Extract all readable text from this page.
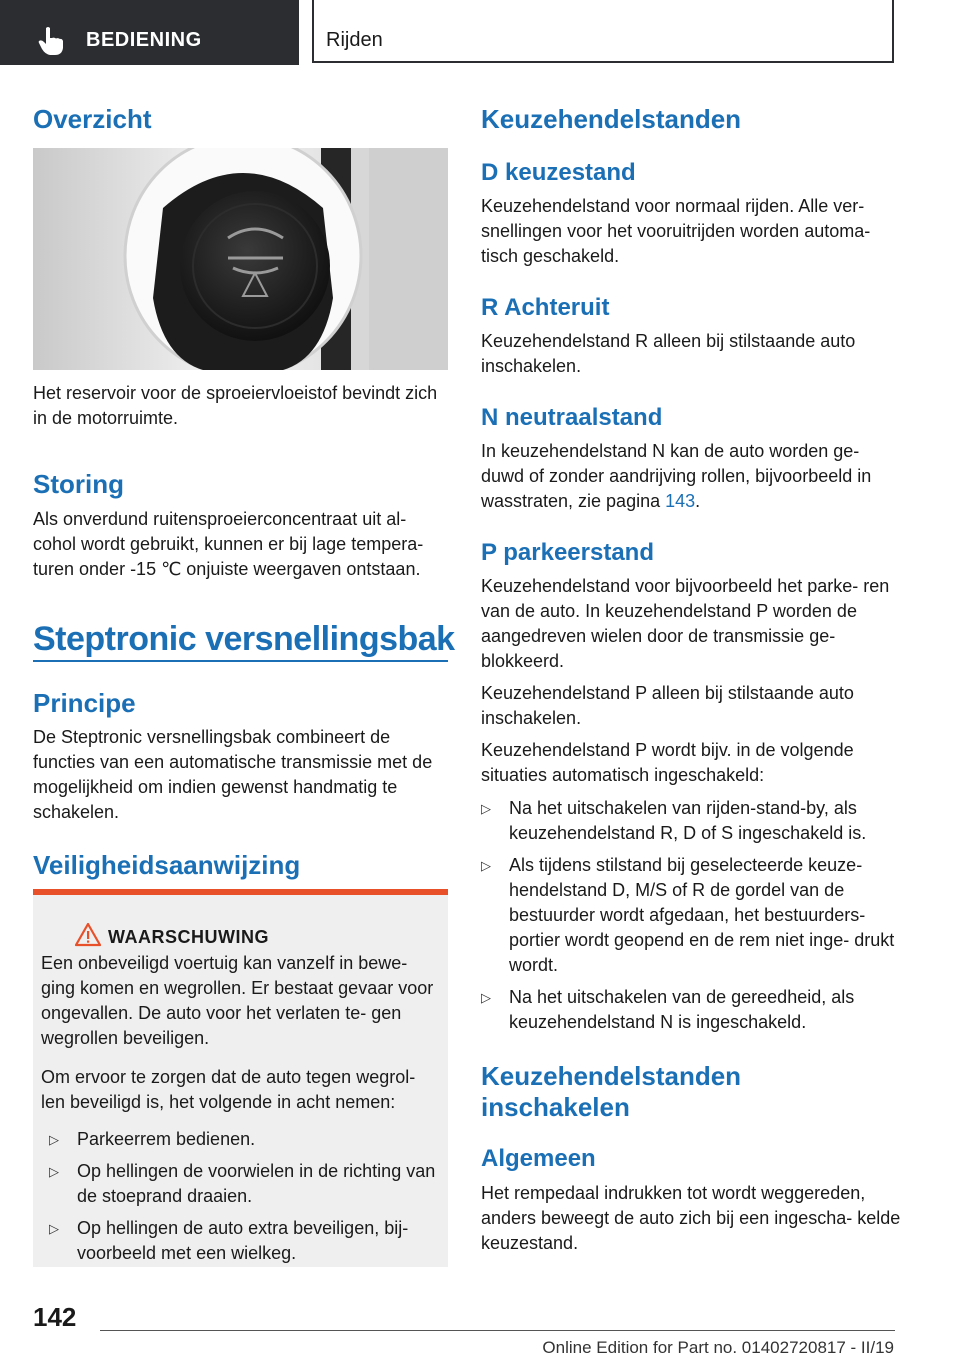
BEDIENING	Rijden
Overzicht

Het reservoir voor de sproeiervloeistof bevindt zich in de motorruimte.

Storing

Als onverdund ruitensproeierconcentraat uit al- cohol wordt gebruikt, kunnen er bij lage tempera- turen onder -15 ℃ onjuiste weergaven ontstaan.

Steptronic versnellingsbak
Principe

De Steptronic versnellingsbak combineert de functies van een automatische transmissie met de mogelijkheid om indien gewenst handmatig te schakelen.

Veiligheidsaanwijzing
WAARSCHUWING

Een onbeveiligd voertuig kan vanzelf in bewe- ging komen en wegrollen. Er bestaat gevaar voor ongevallen. De auto voor het verlaten te- gen wegrollen beveiligen.

Om ervoor te zorgen dat de auto tegen wegrol- len beveiligd is, het volgende in acht nemen:

▷ Parkeerrem bedienen.
▷ Op hellingen de voorwielen in de richting van de stoeprand draaien.
▷ Op hellingen de auto extra beveiligen, bij- voorbeeld met een wielkeg.
Keuzehendelstanden
D keuzestand

Keuzehendelstand voor normaal rijden. Alle ver- snellingen voor het vooruitrijden worden automa- tisch geschakeld.

R Achteruit

Keuzehendelstand R alleen bij stilstaande auto inschakelen.

N neutraalstand

In keuzehendelstand N kan de auto worden ge- duwd of zonder aandrijving rollen, bijvoorbeeld in wasstraten, zie pagina 143.

P parkeerstand

Keuzehendelstand voor bijvoorbeeld het parke- ren van de auto. In keuzehendelstand P worden de aangedreven wielen door de transmissie ge- blokkeerd.

Keuzehendelstand P alleen bij stilstaande auto inschakelen.

Keuzehendelstand P wordt bijv. in de volgende situaties automatisch ingeschakeld:

▷ Na het uitschakelen van rijden-stand-by, als keuzehendelstand R, D of S ingeschakeld is.
▷ Als tijdens stilstand bij geselecteerde keuze- hendelstand D, M/S of R de gordel van de bestuurder wordt afgedaan, het bestuurders- portier wordt geopend en de rem niet inge- drukt wordt.
▷ Na het uitschakelen van de gereedheid, als keuzehendelstand N is ingeschakeld.
Keuzehendelstanden inschakelen
Algemeen

Het rempedaal indrukken tot wordt weggereden, anders beweegt de auto zich bij een ingescha- kelde keuzestand.

142
Online Edition for Part no. 01402720817 - II/19
